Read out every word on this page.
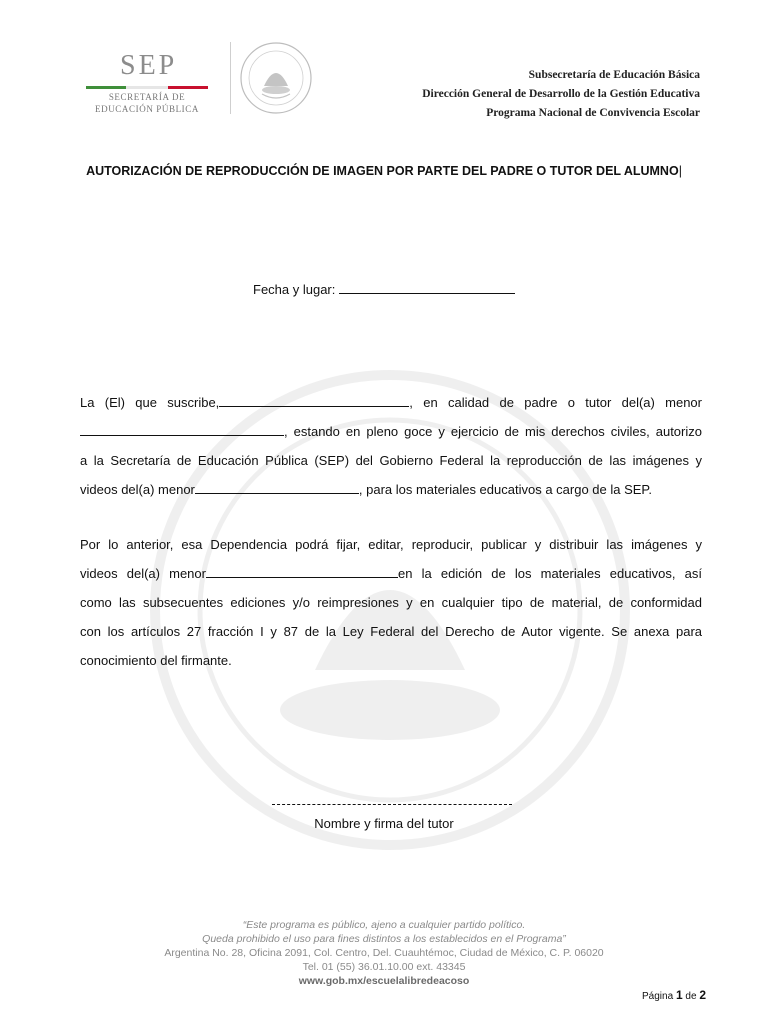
SEP
SECRETARÍA DE
EDUCACIÓN PÚBLICA
Subsecretaría de Educación Básica
Dirección General de Desarrollo de la Gestión Educativa
Programa Nacional de Convivencia Escolar
AUTORIZACIÓN DE REPRODUCCIÓN DE IMAGEN POR PARTE DEL PADRE O TUTOR DEL ALUMNO|
Fecha y lugar:
La (El) que suscribe,	, en calidad de padre o tutor del(a) menor
, estando en pleno goce y ejercicio de mis derechos civiles, autorizo
a la Secretaría de Educación Pública (SEP) del Gobierno Federal la reproducción de las imágenes y
videos del(a) menor	, para los materiales educativos a cargo de la SEP.
Por lo anterior, esa Dependencia podrá fijar, editar, reproducir, publicar y distribuir las imágenes y
videos del(a) menor	en la edición de los materiales educativos, así
como las subsecuentes ediciones y/o reimpresiones y en cualquier tipo de material, de conformidad
con los artículos 27 fracción I y 87 de la Ley Federal del Derecho de Autor vigente. Se anexa para
conocimiento del firmante.
Nombre y firma del tutor
“Este programa es público, ajeno a cualquier partido político.
Queda prohibido el uso para fines distintos a los establecidos en el Programa”
Argentina No. 28, Oficina 2091, Col. Centro, Del. Cuauhtémoc, Ciudad de México, C. P. 06020
Tel. 01 (55) 36.01.10.00 ext. 43345
www.gob.mx/escuelalibredeacoso
Página 1 de 2
